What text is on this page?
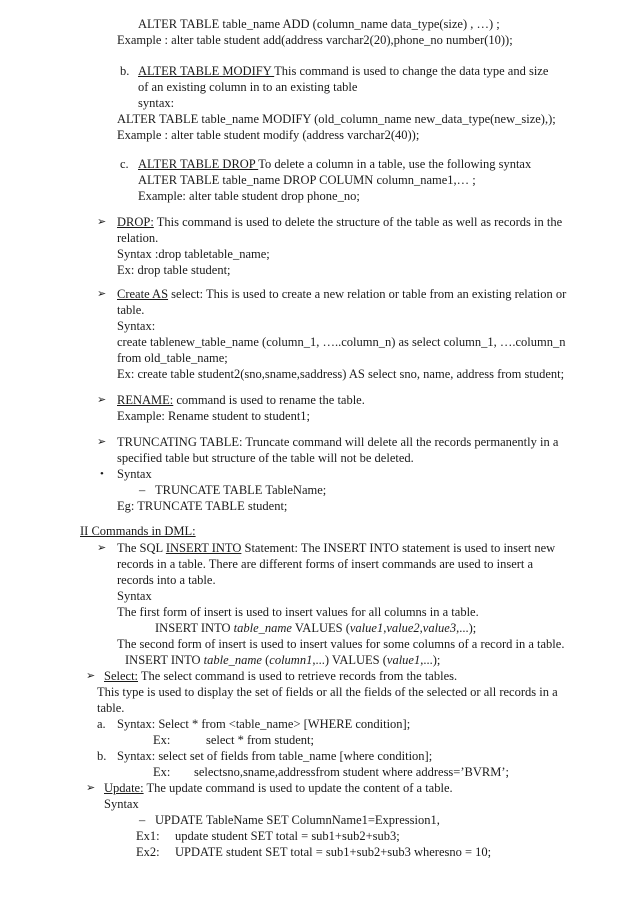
ALTER TABLE table_name ADD (column_name data_type(size) , …) ;
Example : alter table student add(address varchar2(20),phone_no number(10));
b. ALTER TABLE MODIFY This command is used to change the data type and size
of an existing column in to an existing table
syntax:
ALTER TABLE table_name MODIFY (old_column_name new_data_type(new_size),);
Example : alter table student modify (address varchar2(40));
c. ALTER TABLE DROP To delete a column in a table, use the following syntax
ALTER TABLE table_name DROP COLUMN column_name1,… ;
Example: alter table student drop phone_no;
➢ DROP: This command is used to delete the structure of the table as well as records in the
relation.
Syntax :drop tabletable_name;
Ex: drop table student;
➢ Create AS select: This is used to create a new relation or table from an existing relation or
table.
Syntax:
create tablenew_table_name (column_1, …..column_n) as select column_1, ….column_n
from old_table_name;
Ex: create table student2(sno,sname,saddress) AS select sno, name, address from student;
➢ RENAME: command is used to rename the table.
Example: Rename student to student1;
➢ TRUNCATING TABLE: Truncate command will delete all the records permanently in a
specified table but structure of the table will not be deleted.
• Syntax
– TRUNCATE TABLE TableName;
Eg: TRUNCATE TABLE student;
II Commands in DML:
➢ The SQL INSERT INTO Statement: The INSERT INTO statement is used to insert new
records in a table. There are different forms of insert commands are used to insert a
records into a table.
Syntax
The first form of insert is used to insert values for all columns in a table.
INSERT INTO table_name VALUES (value1,value2,value3,...);
The second form of insert is used to insert values for some columns of a record in a table.
INSERT INTO table_name (column1,...) VALUES (value1,...);
➢ Select: The select command is used to retrieve records from the tables.
This type is used to display the set of fields or all the fields of the selected or all records in a
table.
a. Syntax: Select * from <table_name> [WHERE condition];
Ex:	select * from student;
b. Syntax: select set of fields from table_name [where condition];
Ex: selectsno,sname,addressfrom student where address=’BVRM’;
➢ Update: The update command is used to update the content of a table.
Syntax
– UPDATE TableName SET ColumnName1=Expression1,
Ex1: update student SET total = sub1+sub2+sub3;
Ex2: UPDATE student SET total = sub1+sub2+sub3 wheresno = 10;
